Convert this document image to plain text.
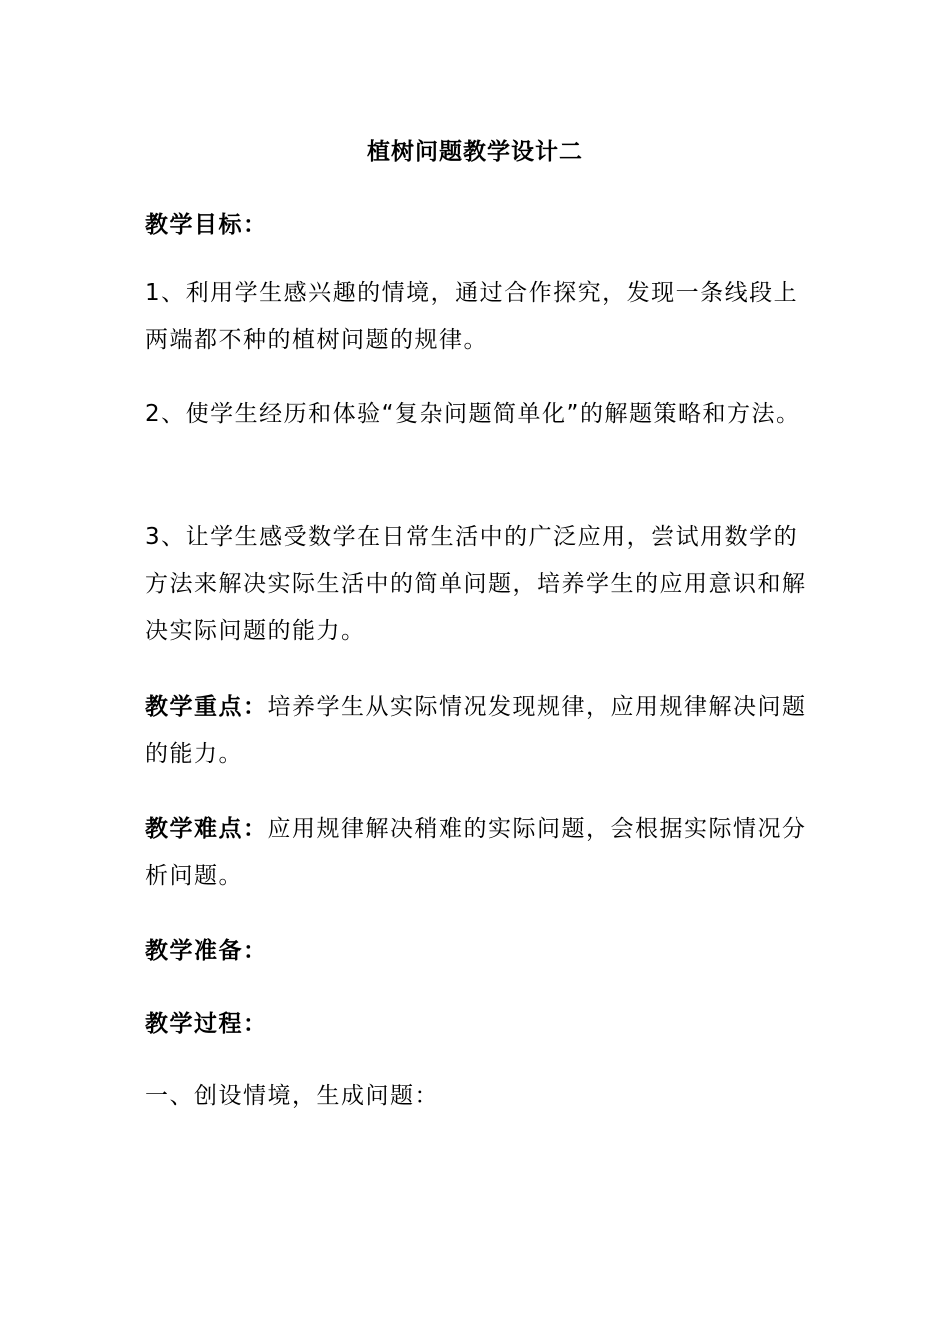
植树问题教学设计二
教学目标：
1、利用学生感兴趣的情境，通过合作探究，发现一条线段上两端都不种的植树问题的规律。
2、使学生经历和体验“复杂问题简单化”的解题策略和方法。
3、让学生感受数学在日常生活中的广泛应用，尝试用数学的方法来解决实际生活中的简单问题，培养学生的应用意识和解决实际问题的能力。
教学重点：培养学生从实际情况发现规律，应用规律解决问题的能力。
教学难点：应用规律解决稍难的实际问题，会根据实际情况分析问题。
教学准备：
教学过程：
一、创设情境，生成问题：
